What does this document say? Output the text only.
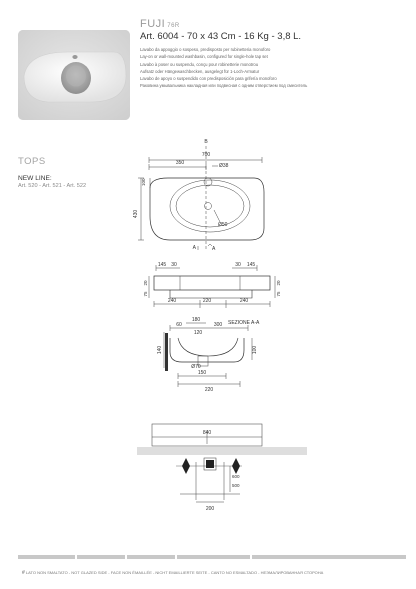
FUJI 76R
Art. 6004 - 70 x 43 Cm - 16 Kg - 3,8 L.
Lavabo da appoggio o sospeso, predisposto per rubinetteria monoforo
Lay-on or wall-mounted washbasin, configured for single-hole tap set
Lavabo à poser ou suspendu, conçu pour robinetterie monotrou
Aufsatz oder Hängewaschbecken, ausgelegt für 1-Loch-Armatur
Lavabo de apoyo o suspendido con predisposición para grifería monoforo
Раковина умывальника накладная или подвесная с одним отверстием под смеситель
TOPS
NEW LINE:
Art. 520 - Art. 521 - Art. 522
B
700
350	Ø38
100
430
Ø50
A	A
145 30	30 145
20	20
75	75
240	220	240
SEZIONE A-A
180
60
120
300
140	100
Ø70
150
220
840
600
500
200
# LATO NON SMALTATO - NOT GLAZED SIDE - FACE NON ÉMAILLÉE - NICHT EMAILLIERTE SEITE - CANTO NO ESMALTADO - НЕЭМАЛИРОВАННАЯ СТОРОНА
